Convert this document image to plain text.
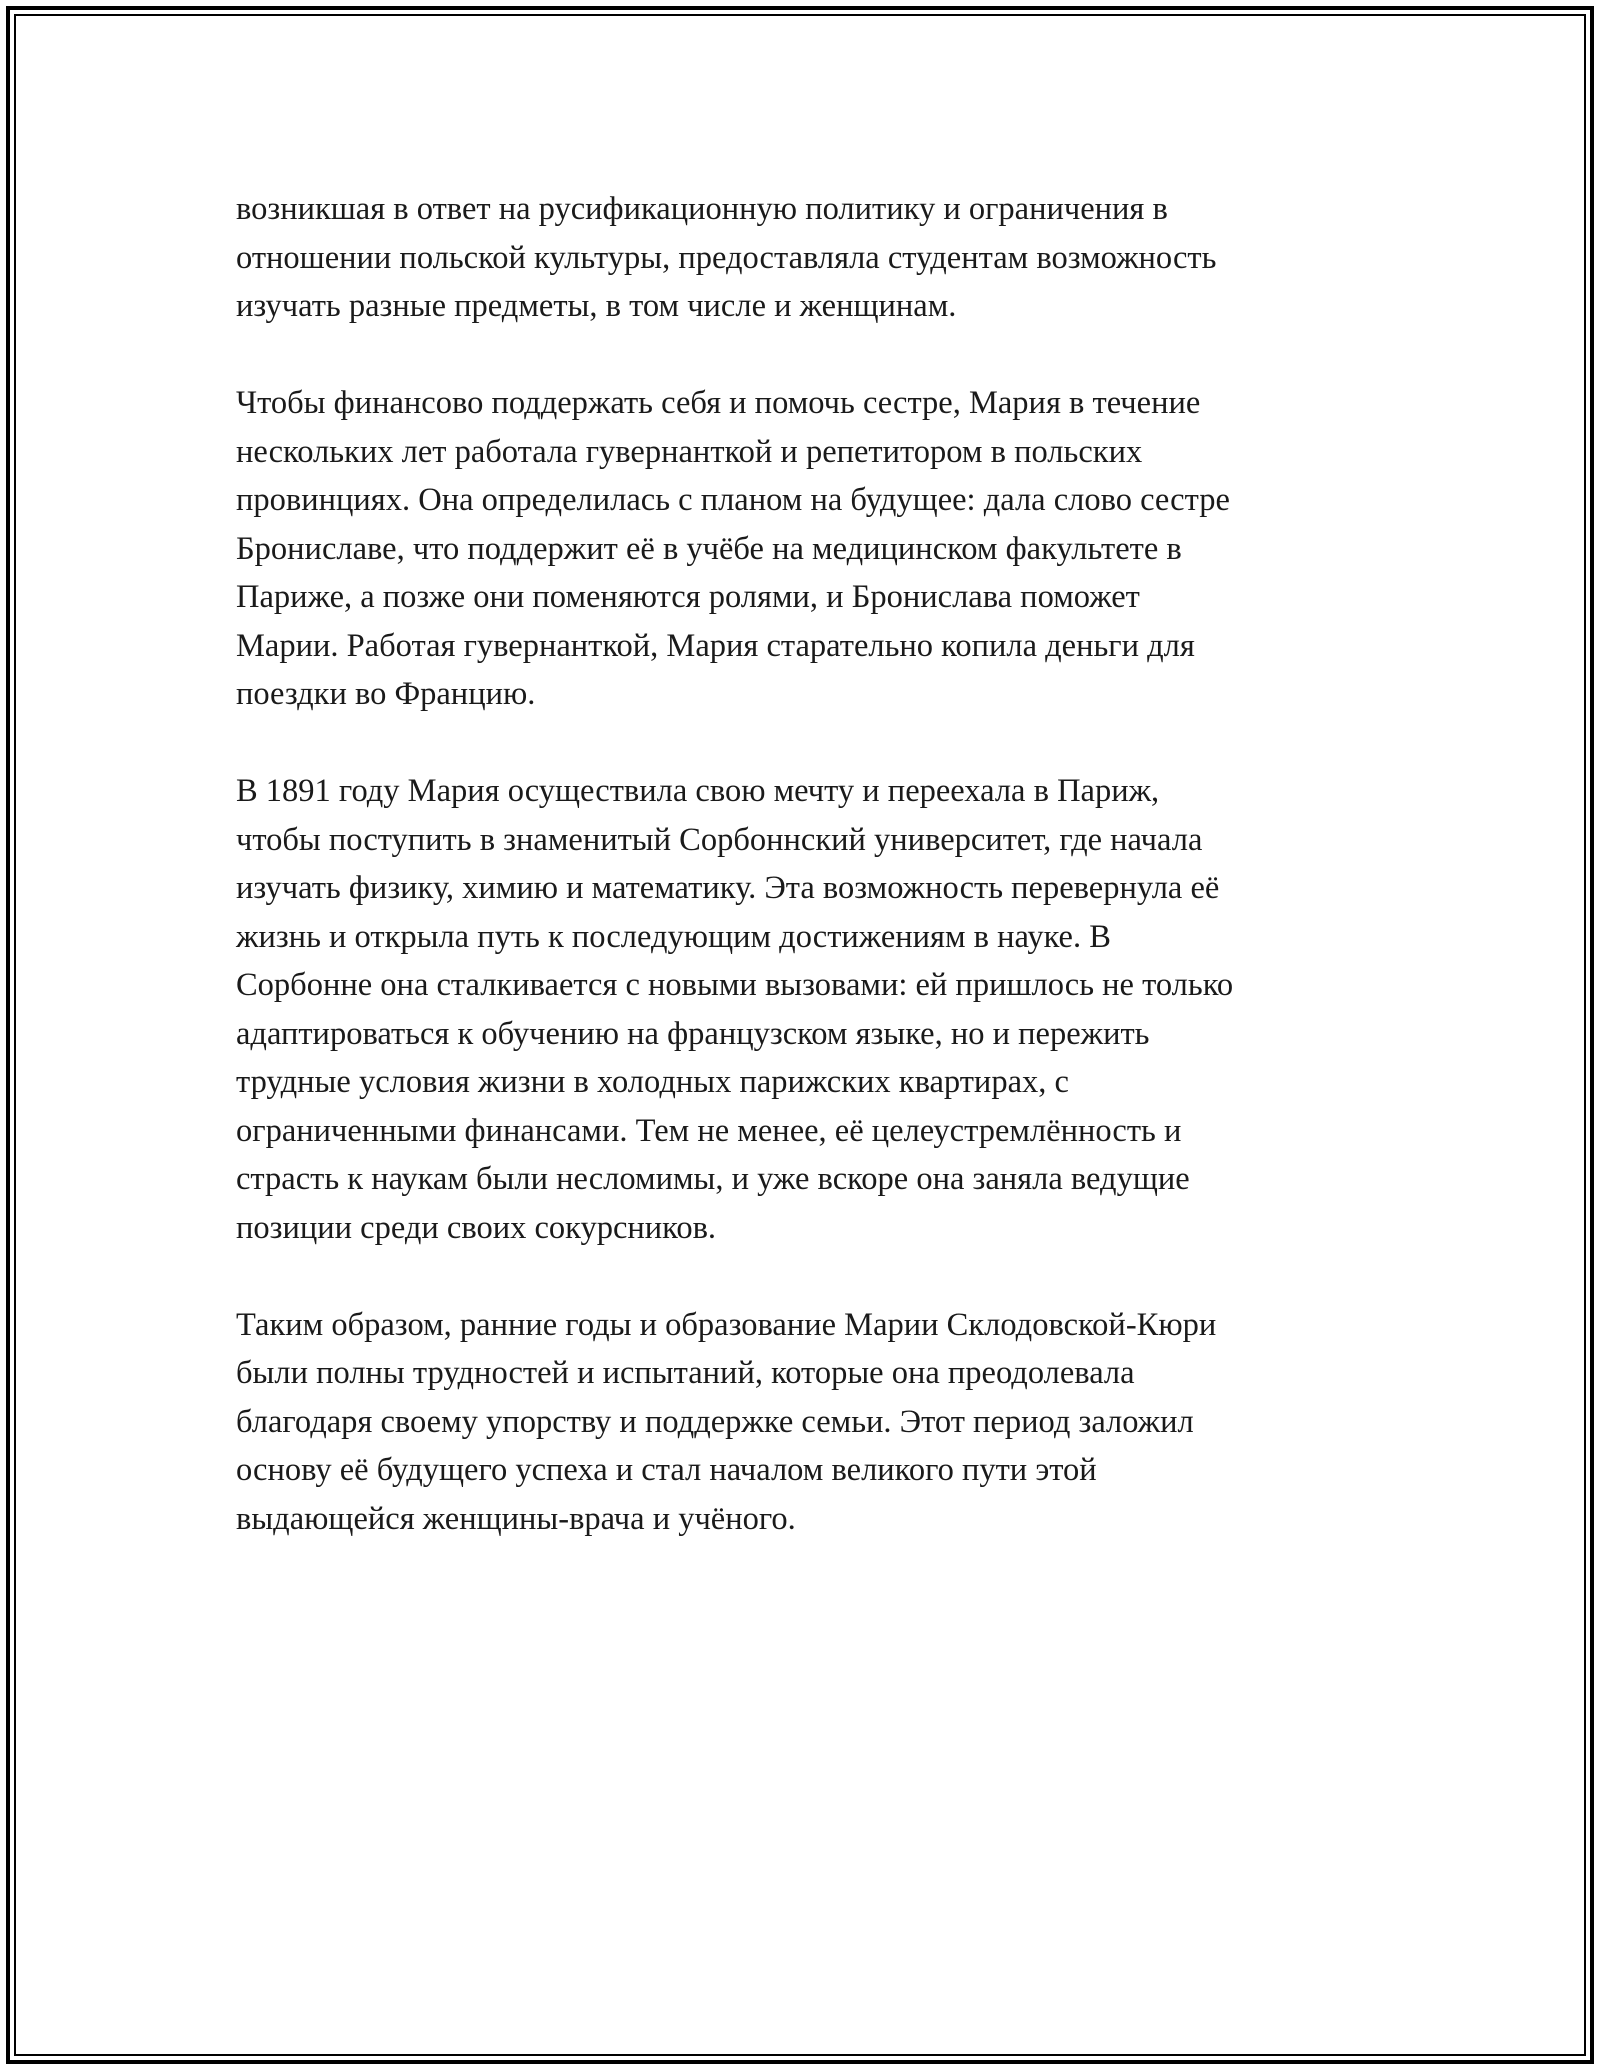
возникшая в ответ на русификационную политику и ограничения в
отношении польской культуры, предоставляла студентам возможность
изучать разные предметы, в том числе и женщинам.

Чтобы финансово поддержать себя и помочь сестре, Мария в течение
нескольких лет работала гувернанткой и репетитором в польских
провинциях. Она определилась с планом на будущее: дала слово сестре
Брониславе, что поддержит её в учёбе на медицинском факультете в
Париже, а позже они поменяются ролями, и Бронислава поможет
Марии. Работая гувернанткой, Мария старательно копила деньги для
поездки во Францию.

В 1891 году Мария осуществила свою мечту и переехала в Париж,
чтобы поступить в знаменитый Сорбоннский университет, где начала
изучать физику, химию и математику. Эта возможность перевернула её
жизнь и открыла путь к последующим достижениям в науке. В
Сорбонне она сталкивается с новыми вызовами: ей пришлось не только
адаптироваться к обучению на французском языке, но и пережить
трудные условия жизни в холодных парижских квартирах, с
ограниченными финансами. Тем не менее, её целеустремлённость и
страсть к наукам были несломимы, и уже вскоре она заняла ведущие
позиции среди своих сокурсников.

Таким образом, ранние годы и образование Марии Склодовской-Кюри
были полны трудностей и испытаний, которые она преодолевала
благодаря своему упорству и поддержке семьи. Этот период заложил
основу её будущего успеха и стал началом великого пути этой
выдающейся женщины-врача и учёного.
